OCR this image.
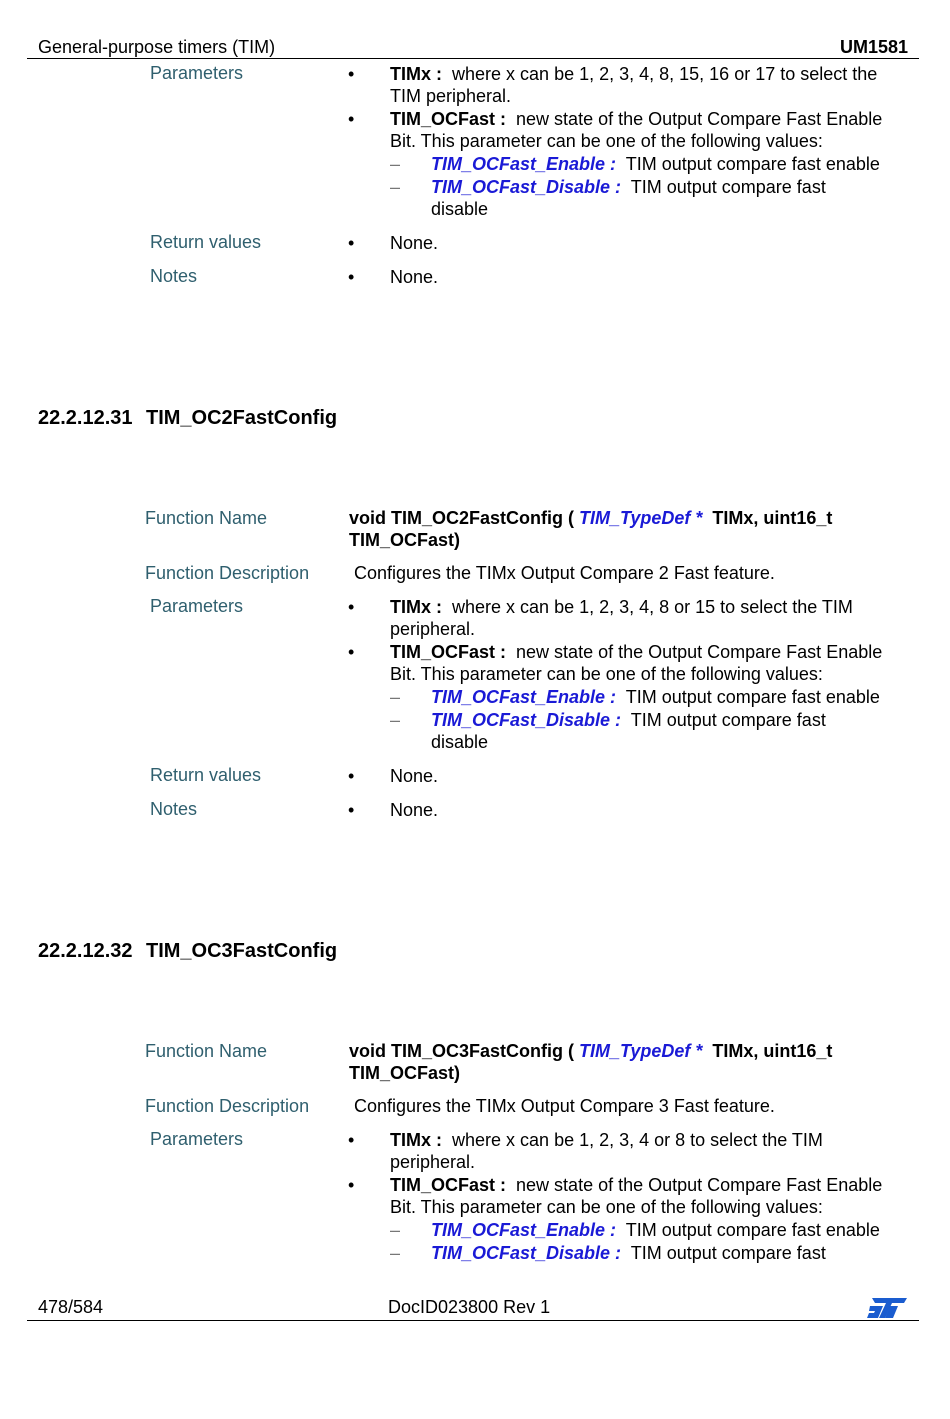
General-purpose timers (TIM)	UM1581
Parameters	• TIMx : where x can be 1, 2, 3, 4, 8, 15, 16 or 17 to select the
TIM peripheral.
• TIM_OCFast : new state of the Output Compare Fast Enable
Bit. This parameter can be one of the following values:
– TIM_OCFast_Enable : TIM output compare fast enable
– TIM_OCFast_Disable : TIM output compare fast
disable
Return values	• None.
Notes	• None.
22.2.12.31 TIM_OC2FastConfig
Function Name	void TIM_OC2FastConfig ( TIM_TypeDef * TIMx, uint16_t
TIM_OCFast)
Function Description Configures the TIMx Output Compare 2 Fast feature.
Parameters	• TIMx : where x can be 1, 2, 3, 4, 8 or 15 to select the TIM
peripheral.
• TIM_OCFast : new state of the Output Compare Fast Enable
Bit. This parameter can be one of the following values:
– TIM_OCFast_Enable : TIM output compare fast enable
– TIM_OCFast_Disable : TIM output compare fast
disable
Return values	• None.
Notes	• None.
22.2.12.32 TIM_OC3FastConfig
Function Name	void TIM_OC3FastConfig ( TIM_TypeDef * TIMx, uint16_t
TIM_OCFast)
Function Description Configures the TIMx Output Compare 3 Fast feature.
Parameters	• TIMx : where x can be 1, 2, 3, 4 or 8 to select the TIM
peripheral.
• TIM_OCFast : new state of the Output Compare Fast Enable
Bit. This parameter can be one of the following values:
– TIM_OCFast_Enable : TIM output compare fast enable
– TIM_OCFast_Disable : TIM output compare fast
478/584	DocID023800 Rev 1
